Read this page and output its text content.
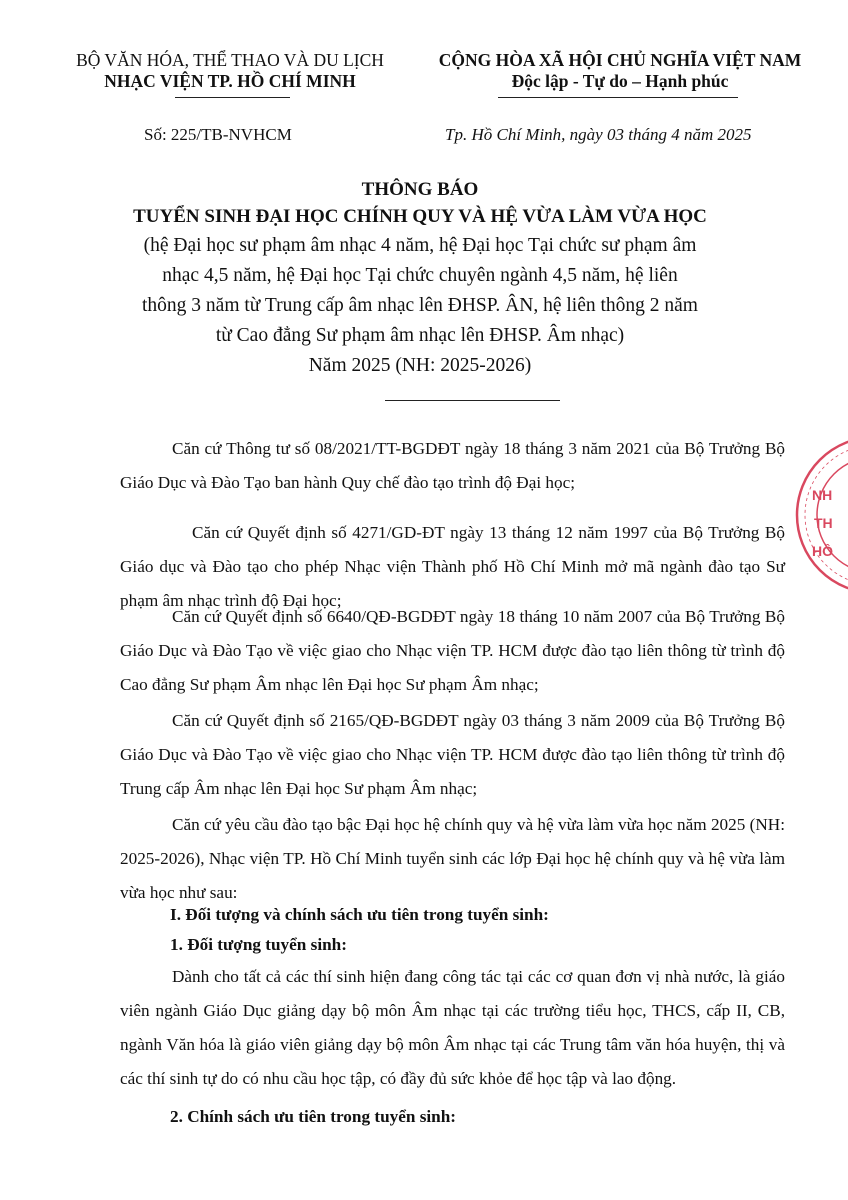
BỘ VĂN HÓA, THỂ THAO VÀ DU LỊCH
NHẠC VIỆN TP. HỒ CHÍ MINH
CỘNG HÒA XÃ HỘI CHỦ NGHĨA VIỆT NAM
Độc lập - Tự do – Hạnh phúc
Số: 225/TB-NVHCM	Tp. Hồ Chí Minh, ngày 03 tháng 4 năm 2025
THÔNG BÁO
TUYỂN SINH ĐẠI HỌC CHÍNH QUY VÀ HỆ VỪA LÀM VỪA HỌC
(hệ Đại học sư phạm âm nhạc 4 năm, hệ Đại học Tại chức sư phạm âm
nhạc 4,5 năm, hệ Đại học Tại chức chuyên ngành 4,5 năm, hệ liên
thông 3 năm từ Trung cấp âm nhạc lên ĐHSP. ÂN, hệ liên thông 2 năm
từ Cao đẳng Sư phạm âm nhạc lên ĐHSP. Âm nhạc)
Năm 2025 (NH: 2025-2026)
Căn cứ Thông tư số 08/2021/TT-BGDĐT ngày 18 tháng 3 năm 2021 của Bộ Trưởng Bộ Giáo Dục và Đào Tạo ban hành Quy chế đào tạo trình độ Đại học;
Căn cứ Quyết định số 4271/GD-ĐT ngày 13 tháng 12 năm 1997 của Bộ Trưởng Bộ Giáo dục và Đào tạo cho phép Nhạc viện Thành phố Hồ Chí Minh mở mã ngành đào tạo Sư phạm âm nhạc trình độ Đại học;
Căn cứ Quyết định số 6640/QĐ-BGDĐT ngày 18 tháng 10 năm 2007 của Bộ Trưởng Bộ Giáo Dục và Đào Tạo về việc giao cho Nhạc viện TP. HCM được đào tạo liên thông từ trình độ Cao đẳng Sư phạm Âm nhạc lên Đại học Sư phạm Âm nhạc;
Căn cứ Quyết định số 2165/QĐ-BGDĐT ngày 03 tháng 3 năm 2009 của Bộ Trưởng Bộ Giáo Dục và Đào Tạo về việc giao cho Nhạc viện TP. HCM được đào tạo liên thông từ trình độ Trung cấp Âm nhạc lên Đại học Sư phạm Âm nhạc;
Căn cứ yêu cầu đào tạo bậc Đại học hệ chính quy và hệ vừa làm vừa học năm 2025 (NH: 2025-2026), Nhạc viện TP. Hồ Chí Minh tuyển sinh các lớp Đại học hệ chính quy và hệ vừa làm vừa học như sau:
I. Đối tượng và chính sách ưu tiên trong tuyển sinh:
1. Đối tượng tuyển sinh:
Dành cho tất cả các thí sinh hiện đang công tác tại các cơ quan đơn vị nhà nước, là giáo viên ngành Giáo Dục giảng dạy bộ môn Âm nhạc tại các trường tiểu học, THCS, cấp II, CB, ngành Văn hóa là giáo viên giảng dạy bộ môn Âm nhạc tại các Trung tâm văn hóa huyện, thị và các thí sinh tự do có nhu cầu học tập, có đầy đủ sức khỏe để học tập và lao động.
2. Chính sách ưu tiên trong tuyển sinh:
NH
TH
HỒ
